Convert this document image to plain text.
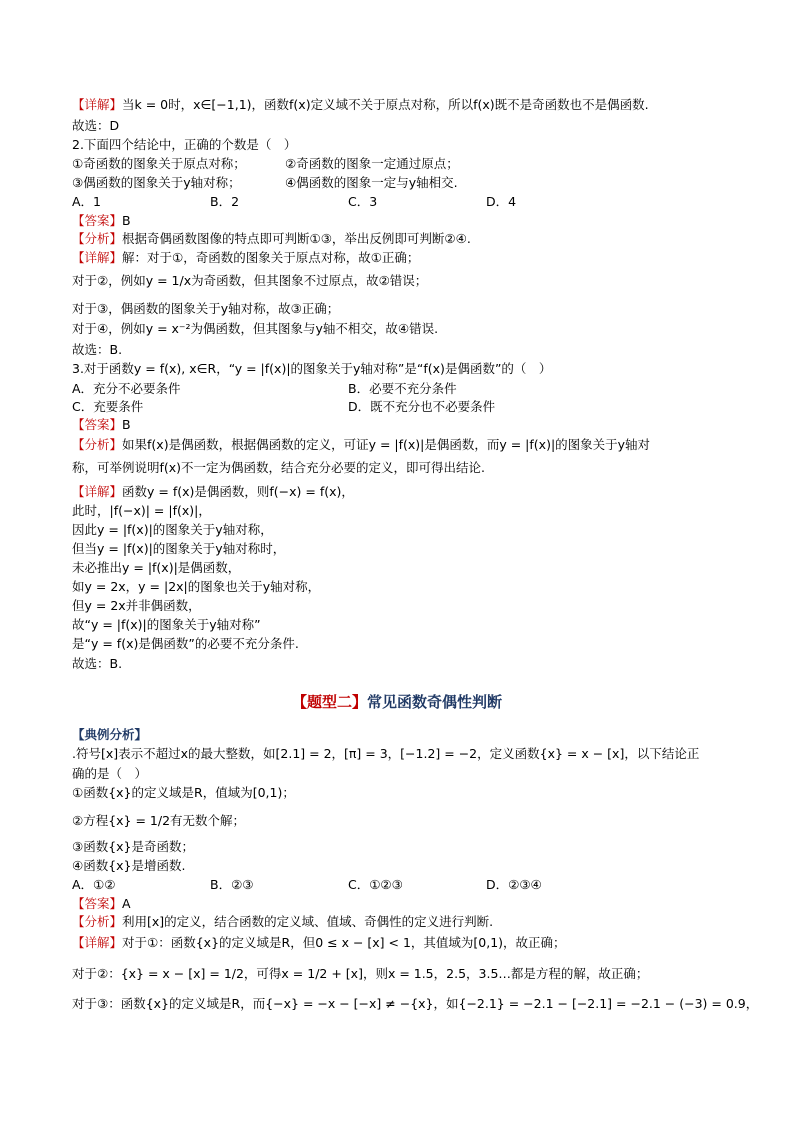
【详解】当k = 0时，x∈[−1,1)，函数f(x)定义域不关于原点对称，所以f(x)既不是奇函数也不是偶函数.
故选：D
2.下面四个结论中，正确的个数是（　）
①奇函数的图象关于原点对称；	②奇函数的图象一定通过原点；
③偶函数的图象关于y轴对称；	④偶函数的图象一定与y轴相交.
A．1	B．2	C．3	D．4
【答案】B
【分析】根据奇偶函数图像的特点即可判断①③，举出反例即可判断②④.
【详解】解：对于①，奇函数的图象关于原点对称，故①正确；
对于②，例如y = 1/x为奇函数，但其图象不过原点，故②错误；
对于③，偶函数的图象关于y轴对称，故③正确；
对于④，例如y = x⁻²为偶函数，但其图象与y轴不相交，故④错误.
故选：B.
3.对于函数y = f(x), x∈R，“y = |f(x)|的图象关于y轴对称”是“f(x)是偶函数”的（　）
A．充分不必要条件	B．必要不充分条件
C．充要条件	D．既不充分也不必要条件
【答案】B
【分析】如果f(x)是偶函数，根据偶函数的定义，可证y = |f(x)|是偶函数，而y = |f(x)|的图象关于y轴对
称，可举例说明f(x)不一定为偶函数，结合充分必要的定义，即可得出结论.
【详解】函数y = f(x)是偶函数，则f(−x) = f(x)，
此时，|f(−x)| = |f(x)|，
因此y = |f(x)|的图象关于y轴对称，
但当y = |f(x)|的图象关于y轴对称时，
未必推出y = |f(x)|是偶函数，
如y = 2x，y = |2x|的图象也关于y轴对称，
但y = 2x并非偶函数，
故“y = |f(x)|的图象关于y轴对称”
是“y = f(x)是偶函数”的必要不充分条件.
故选：B.
【题型二】常见函数奇偶性判断
【典例分析】
.符号[x]表示不超过x的最大整数，如[2.1] = 2，[π] = 3，[−1.2] = −2，定义函数{x} = x − [x]，以下结论正
确的是（　）
①函数{x}的定义域是R，值域为[0,1)；
②方程{x} = 1/2有无数个解；
③函数{x}是奇函数；
④函数{x}是增函数.
A．①②	B．②③	C．①②③	D．②③④
【答案】A
【分析】利用[x]的定义，结合函数的定义域、值域、奇偶性的定义进行判断.
【详解】对于①：函数{x}的定义域是R，但0 ≤ x − [x] < 1，其值域为[0,1)，故正确；
对于②：{x} = x − [x] = 1/2，可得x = 1/2 + [x]，则x = 1.5，2.5，3.5…都是方程的解，故正确；
对于③：函数{x}的定义域是R，而{−x} = −x − [−x] ≠ −{x}，如{−2.1} = −2.1 − [−2.1] = −2.1 − (−3) = 0.9，
